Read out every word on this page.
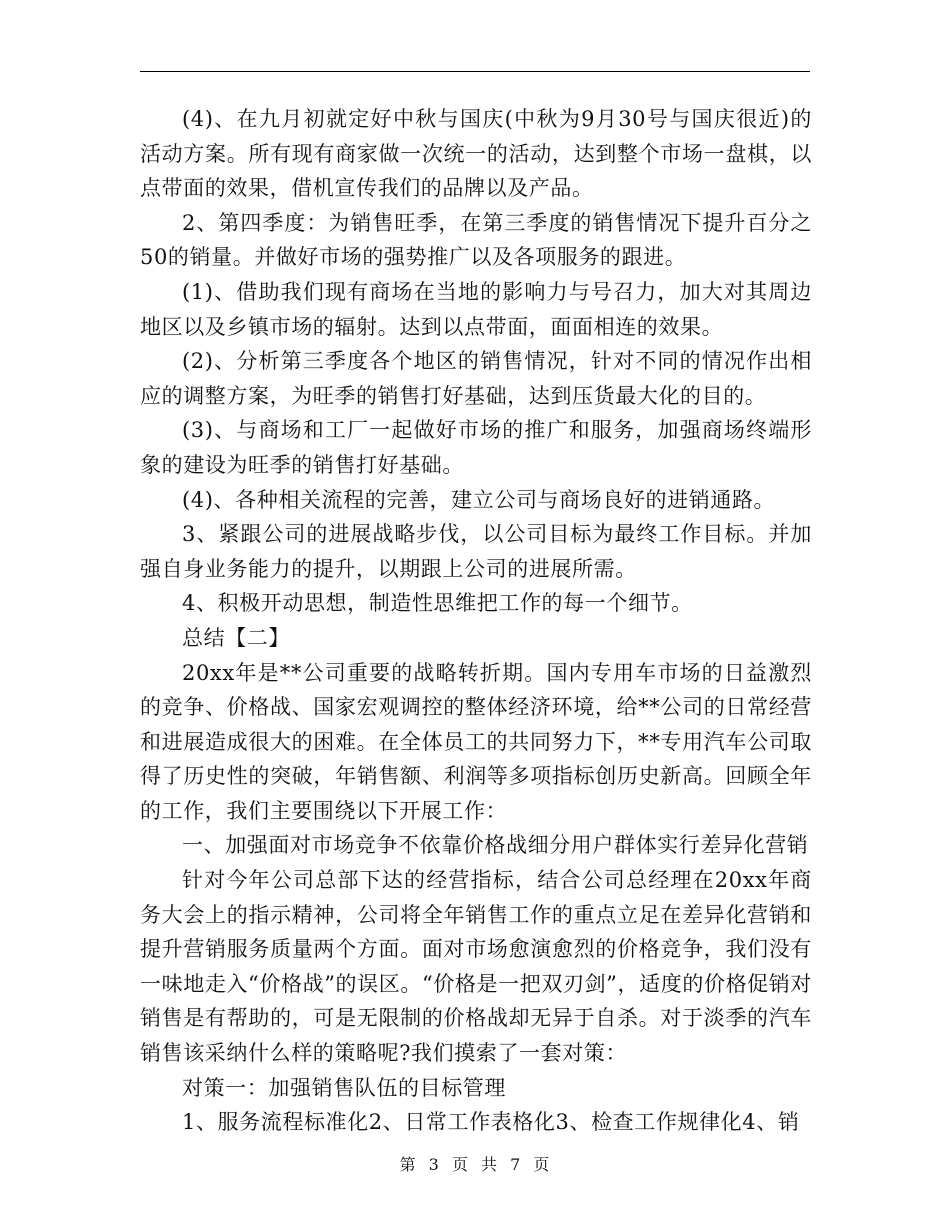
(4)、在九月初就定好中秋与国庆(中秋为9月30号与国庆很近)的活动方案。所有现有商家做一次统一的活动，达到整个市场一盘棋，以点带面的效果，借机宣传我们的品牌以及产品。

2、第四季度：为销售旺季，在第三季度的销售情况下提升百分之50的销量。并做好市场的强势推广以及各项服务的跟进。

(1)、借助我们现有商场在当地的影响力与号召力，加大对其周边地区以及乡镇市场的辐射。达到以点带面，面面相连的效果。

(2)、分析第三季度各个地区的销售情况，针对不同的情况作出相应的调整方案，为旺季的销售打好基础，达到压货最大化的目的。

(3)、与商场和工厂一起做好市场的推广和服务，加强商场终端形象的建设为旺季的销售打好基础。

(4)、各种相关流程的完善，建立公司与商场良好的进销通路。

3、紧跟公司的进展战略步伐，以公司目标为最终工作目标。并加强自身业务能力的提升，以期跟上公司的进展所需。

4、积极开动思想，制造性思维把工作的每一个细节。

总结【二】

20xx年是**公司重要的战略转折期。国内专用车市场的日益激烈的竞争、价格战、国家宏观调控的整体经济环境，给**公司的日常经营和进展造成很大的困难。在全体员工的共同努力下，**专用汽车公司取得了历史性的突破，年销售额、利润等多项指标创历史新高。回顾全年的工作，我们主要围绕以下开展工作：

一、加强面对市场竞争不依靠价格战细分用户群体实行差异化营销

针对今年公司总部下达的经营指标，结合公司总经理在20xx年商务大会上的指示精神，公司将全年销售工作的重点立足在差异化营销和提升营销服务质量两个方面。面对市场愈演愈烈的价格竞争，我们没有一味地走入“价格战”的误区。“价格是一把双刃剑”，适度的价格促销对销售是有帮助的，可是无限制的价格战却无异于自杀。对于淡季的汽车销售该采纳什么样的策略呢?我们摸索了一套对策：

对策一：加强销售队伍的目标管理

1、服务流程标准化2、日常工作表格化3、检查工作规律化4、销

第 3 页 共 7 页
